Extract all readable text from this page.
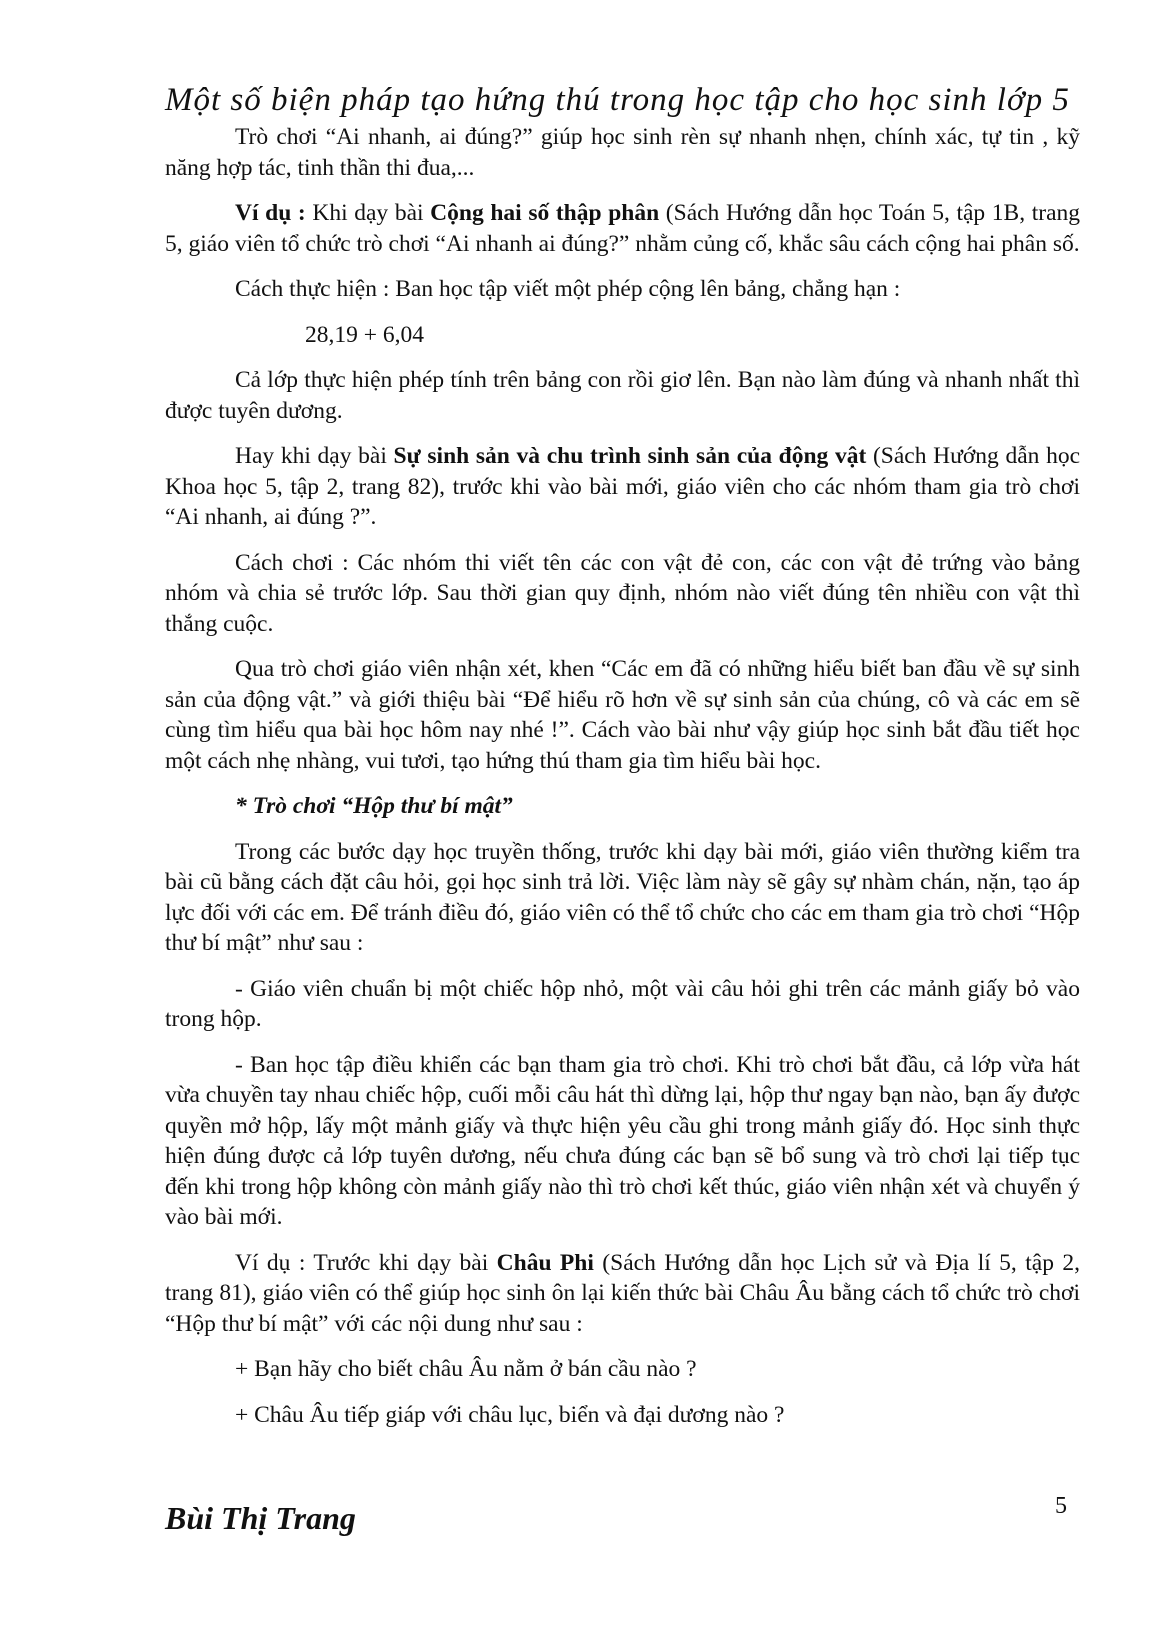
Một số biện pháp tạo hứng thú trong học tập cho học sinh lớp 5

Trò chơi “Ai nhanh, ai đúng?” giúp học sinh rèn sự nhanh nhẹn, chính xác, tự tin , kỹ năng hợp tác, tinh thần thi đua,...

Ví dụ : Khi dạy bài Cộng hai số thập phân (Sách Hướng dẫn học Toán 5, tập 1B, trang 5, giáo viên tổ chức trò chơi “Ai nhanh ai đúng?” nhằm củng cố, khắc sâu cách cộng hai phân số.

Cách thực hiện : Ban học tập viết một phép cộng lên bảng, chẳng hạn :

28,19 + 6,04

Cả lớp thực hiện phép tính trên bảng con rồi giơ lên. Bạn nào làm đúng và nhanh nhất thì được tuyên dương.

Hay khi dạy bài Sự sinh sản và chu trình sinh sản của động vật (Sách Hướng dẫn học Khoa học 5, tập 2, trang 82), trước khi vào bài mới, giáo viên cho các nhóm tham gia trò chơi “Ai nhanh, ai đúng ?”.

Cách chơi : Các nhóm thi viết tên các con vật đẻ con, các con vật đẻ trứng vào bảng nhóm và chia sẻ trước lớp. Sau thời gian quy định, nhóm nào viết đúng tên nhiều con vật thì thắng cuộc.

Qua trò chơi giáo viên nhận xét, khen “Các em đã có những hiểu biết ban đầu về sự sinh sản của động vật.” và giới thiệu bài “Để hiểu rõ hơn về sự sinh sản của chúng, cô và các em sẽ cùng tìm hiểu qua bài học hôm nay nhé !”. Cách vào bài như vậy giúp học sinh bắt đầu tiết học một cách nhẹ nhàng, vui tươi, tạo hứng thú tham gia tìm hiểu bài học.

* Trò chơi “Hộp thư bí mật”

Trong các bước dạy học truyền thống, trước khi dạy bài mới, giáo viên thường kiểm tra bài cũ bằng cách đặt câu hỏi, gọi học sinh trả lời. Việc làm này sẽ gây sự nhàm chán, nặn, tạo áp lực đối với các em. Để tránh điều đó, giáo viên có thể tổ chức cho các em tham gia trò chơi “Hộp thư bí mật” như sau :

- Giáo viên chuẩn bị một chiếc hộp nhỏ, một vài câu hỏi ghi trên các mảnh giấy bỏ vào trong hộp.

- Ban học tập điều khiển các bạn tham gia trò chơi. Khi trò chơi bắt đầu, cả lớp vừa hát vừa chuyền tay nhau chiếc hộp, cuối mỗi câu hát thì dừng lại, hộp thư ngay bạn nào, bạn ấy được quyền mở hộp, lấy một mảnh giấy và thực hiện yêu cầu ghi trong mảnh giấy đó. Học sinh thực hiện đúng được cả lớp tuyên dương, nếu chưa đúng các bạn sẽ bổ sung và trò chơi lại tiếp tục đến khi trong hộp không còn mảnh giấy nào thì trò chơi kết thúc, giáo viên nhận xét và chuyển ý vào bài mới.

Ví dụ : Trước khi dạy bài Châu Phi (Sách Hướng dẫn học Lịch sử và Địa lí 5, tập 2, trang 81), giáo viên có thể giúp học sinh ôn lại kiến thức bài Châu Âu bằng cách tổ chức trò chơi “Hộp thư bí mật” với các nội dung như sau :

+ Bạn hãy cho biết châu Âu nằm ở bán cầu nào ?

+ Châu Âu tiếp giáp với châu lục, biển và đại dương nào ?

Bùi Thị Trang	5
